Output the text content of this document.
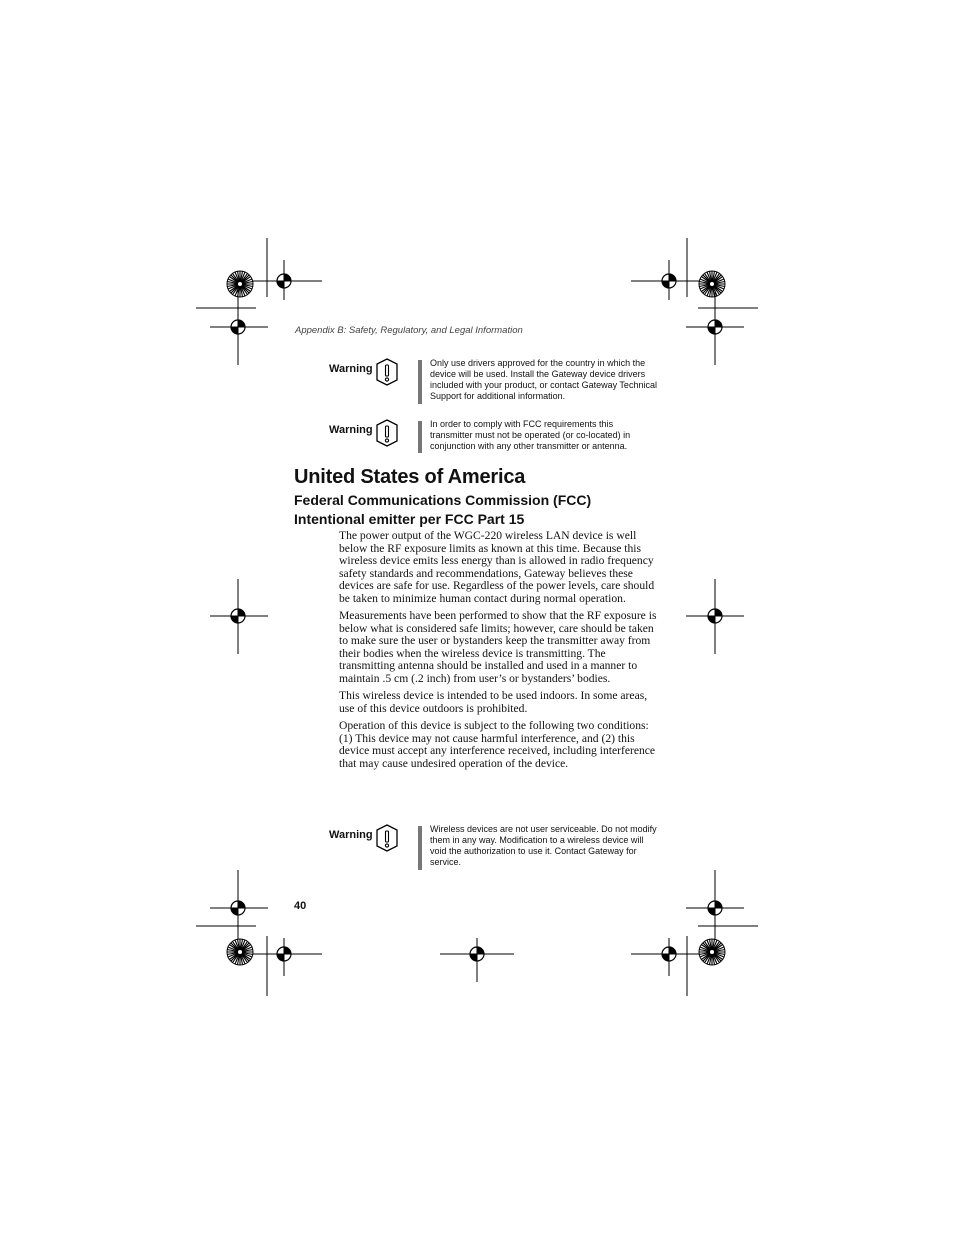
Appendix B: Safety, Regulatory, and Legal Information
Warning	Only use drivers approved for the country in which the device will be used. Install the Gateway device drivers included with your product, or contact Gateway Technical Support for additional information.
Warning	In order to comply with FCC requirements this transmitter must not be operated (or co-located) in conjunction with any other transmitter or antenna.
United States of America
Federal Communications Commission (FCC)
Intentional emitter per FCC Part 15

The power output of the WGC-220 wireless LAN device is well below the RF exposure limits as known at this time. Because this wireless device emits less energy than is allowed in radio frequency safety standards and recommendations, Gateway believes these devices are safe for use. Regardless of the power levels, care should be taken to minimize human contact during normal operation.

Measurements have been performed to show that the RF exposure is below what is considered safe limits; however, care should be taken to make sure the user or bystanders keep the transmitter away from their bodies when the wireless device is transmitting. The transmitting antenna should be installed and used in a manner to maintain .5 cm (.2 inch) from user’s or bystanders’ bodies.

This wireless device is intended to be used indoors. In some areas, use of this device outdoors is prohibited.

Operation of this device is subject to the following two conditions: (1) This device may not cause harmful interference, and (2) this device must accept any interference received, including interference that may cause undesired operation of the device.

Warning	Wireless devices are not user serviceable. Do not modify them in any way. Modification to a wireless device will void the authorization to use it. Contact Gateway for service.
40
